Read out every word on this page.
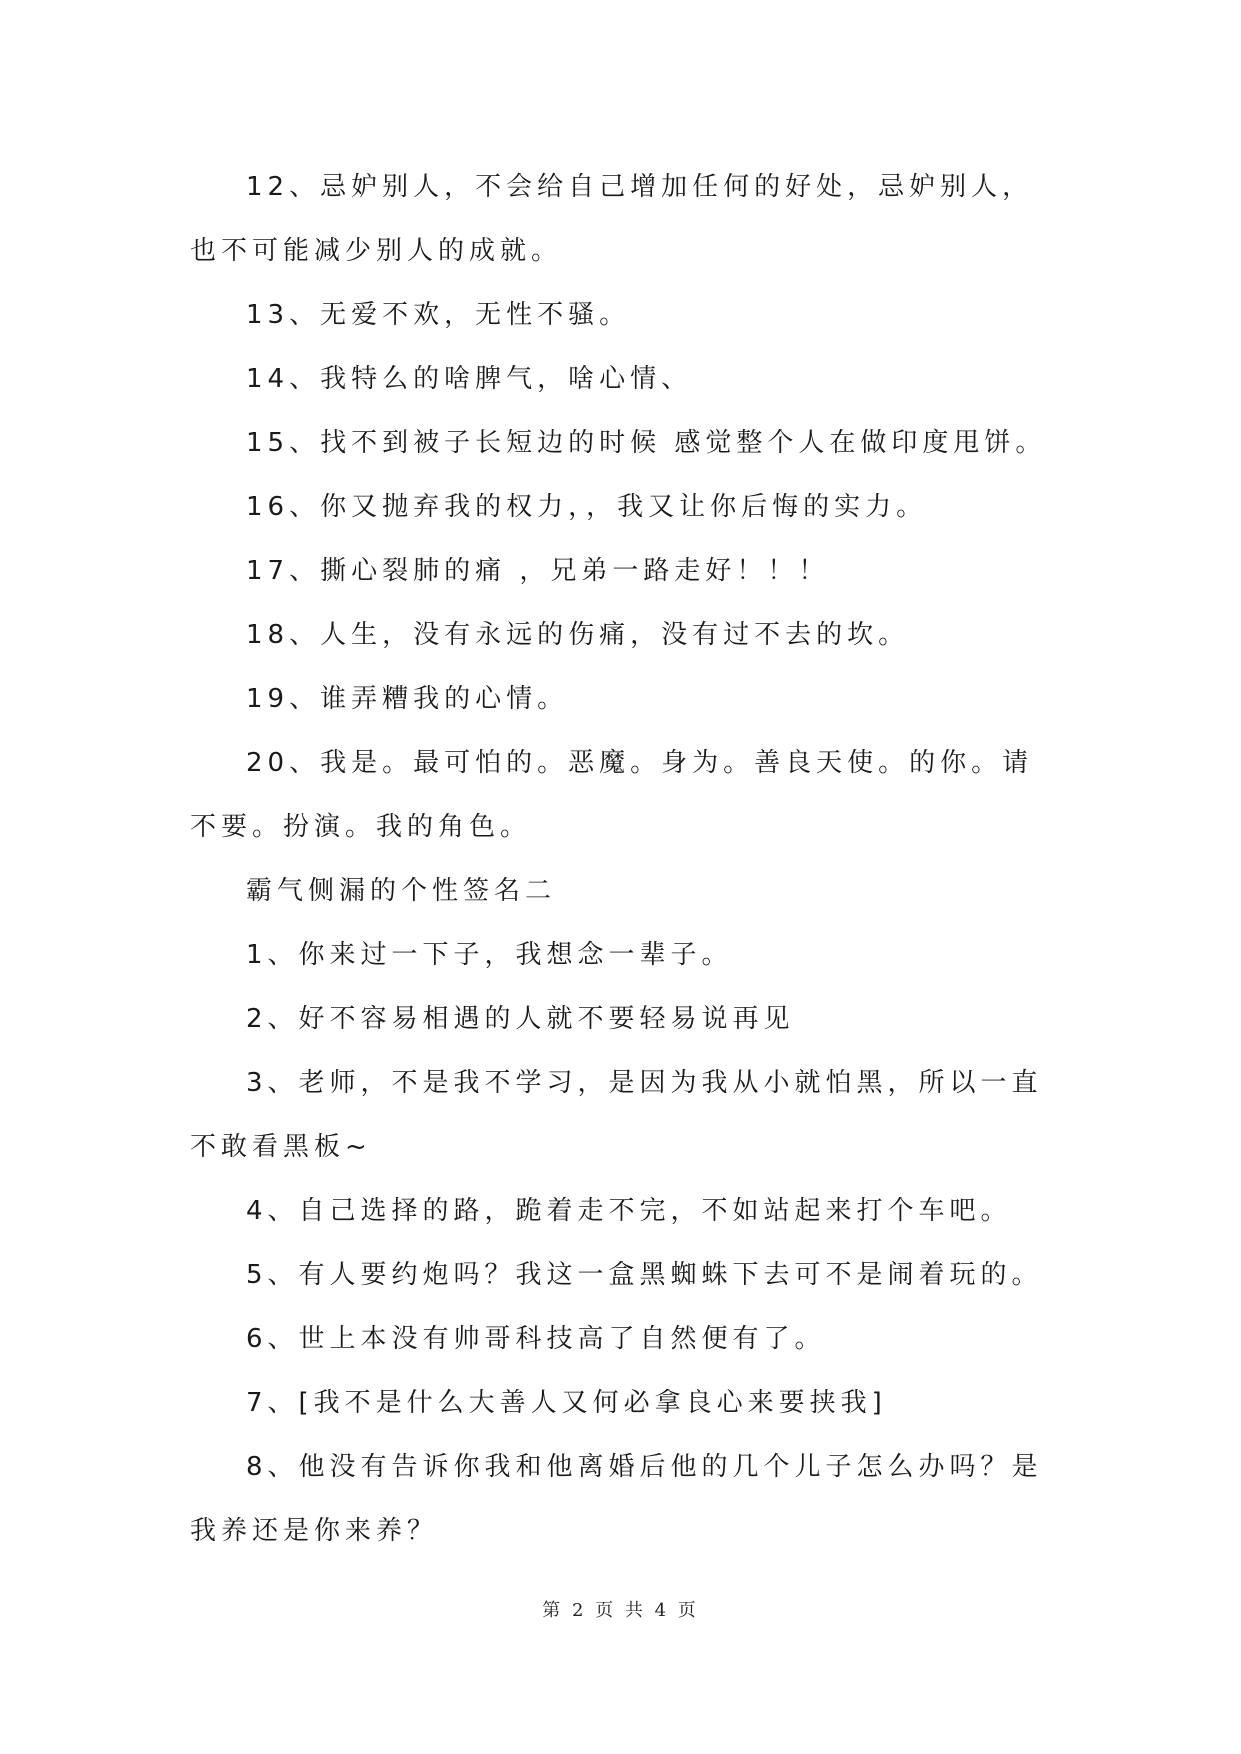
12、忌妒别人，不会给自己增加任何的好处，忌妒别人，也不可能减少别人的成就。

13、无爱不欢，无性不骚。

14、我特么的啥脾气，啥心情、

15、找不到被子长短边的时候 感觉整个人在做印度甩饼。

16、你又抛弃我的权力，，我又让你后悔的实力。

17、撕心裂肺的痛 ，兄弟一路走好！！！

18、人生，没有永远的伤痛，没有过不去的坎。

19、谁弄糟我的心情。

20、我是。最可怕的。恶魔。身为。善良天使。的你。请不要。扮演。我的角色。

霸气侧漏的个性签名二

1、你来过一下子，我想念一辈子。

2、好不容易相遇的人就不要轻易说再见

3、老师，不是我不学习，是因为我从小就怕黑，所以一直不敢看黑板~

4、自己选择的路，跪着走不完，不如站起来打个车吧。

5、有人要约炮吗？我这一盒黑蜘蛛下去可不是闹着玩的。

6、世上本没有帅哥科技高了自然便有了。

7、[我不是什么大善人又何必拿良心来要挟我]

8、他没有告诉你我和他离婚后他的几个儿子怎么办吗？是我养还是你来养？

第 2 页 共 4 页
